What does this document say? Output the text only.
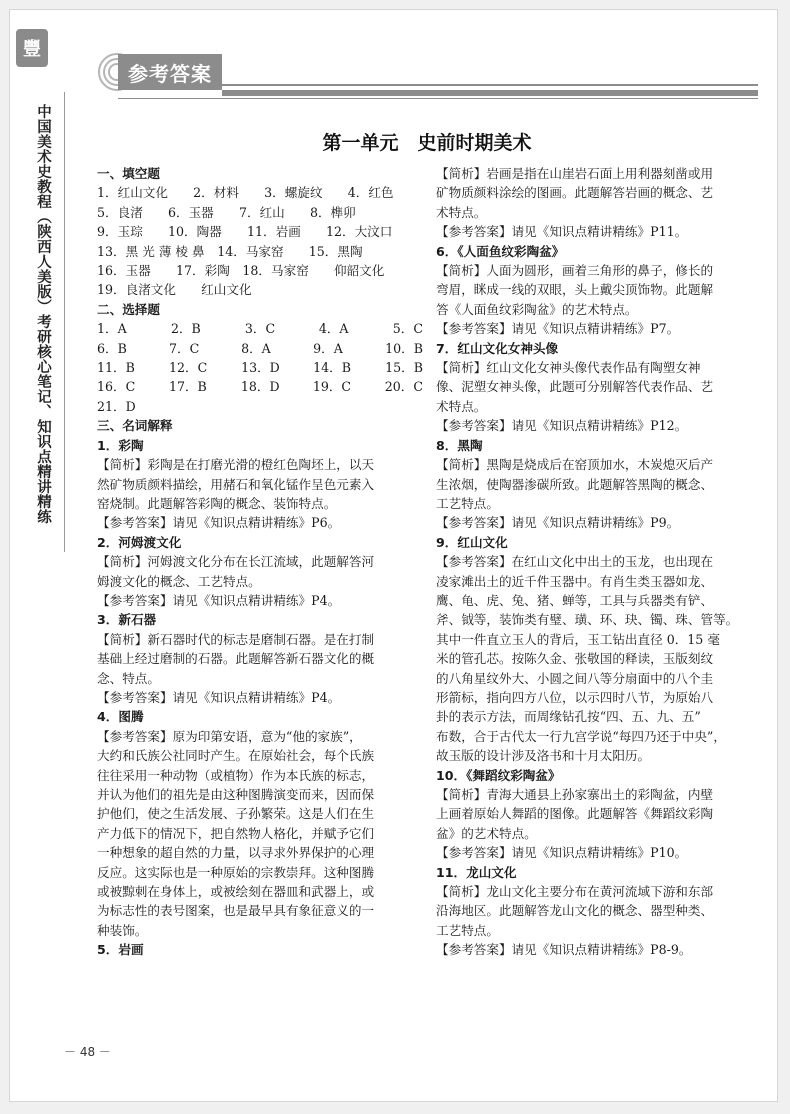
豐
中国美术史教程（陕西人美版）考研核心笔记、知识点精讲精练
参考答案
第一单元　史前时期美术
一、填空题
1．红山文化　　2．材料　　3．螺旋纹　　4．红色
5．良渚　　6．玉器　　7．红山　　8．榫卯
9．玉琮　　10．陶器　　11．岩画　　12．大汶口
13．黑 光 薄 棱 鼻　14．马家窑　　15．黑陶
16．玉器　　17．彩陶　18．马家窑　　仰韶文化
19．良渚文化　　红山文化
二、选择题
1．A	2．B	3．C	4．A	5．C
6．B	7．C	8．A	9．A	10．B
11．B	12．C	13．D	14．B	15．B
16．C	17．B	18．D	19．C	20．C
21．D
三、名词解释
1．彩陶
【简析】彩陶是在打磨光滑的橙红色陶坯上，以天
然矿物质颜料描绘，用赭石和氧化锰作呈色元素入
窑烧制。此题解答彩陶的概念、装饰特点。
【参考答案】请见《知识点精讲精练》P6。
2．河姆渡文化
【简析】河姆渡文化分布在长江流域，此题解答河
姆渡文化的概念、工艺特点。
【参考答案】请见《知识点精讲精练》P4。
3．新石器
【简析】新石器时代的标志是磨制石器。是在打制
基础上经过磨制的石器。此题解答新石器文化的概
念、特点。
【参考答案】请见《知识点精讲精练》P4。
4．图腾
【参考答案】原为印第安语，意为“他的家族”，
大约和氏族公社同时产生。在原始社会，每个氏族
往往采用一种动物（或植物）作为本氏族的标志，
并认为他们的祖先是由这种图腾演变而来，因而保
护他们，使之生活发展、子孙繁荣。这是人们在生
产力低下的情况下，把自然物人格化，并赋予它们
一种想象的超自然的力量，以寻求外界保护的心理
反应。这实际也是一种原始的宗教崇拜。这种图腾
或被黥刺在身体上，或被绘刻在器皿和武器上，或
为标志性的表号图案，也是最早具有象征意义的一
种装饰。
5．岩画
【简析】岩画是指在山崖岩石面上用利器刻凿或用
矿物质颜料涂绘的图画。此题解答岩画的概念、艺
术特点。
【参考答案】请见《知识点精讲精练》P11。
6．《人面鱼纹彩陶盆》
【简析】人面为圆形，画着三角形的鼻子，修长的
弯眉，眯成一线的双眼，头上戴尖顶饰物。此题解
答《人面鱼纹彩陶盆》的艺术特点。
【参考答案】请见《知识点精讲精练》P7。
7．红山文化女神头像
【简析】红山文化女神头像代表作品有陶塑女神
像、泥塑女神头像，此题可分别解答代表作品、艺
术特点。
【参考答案】请见《知识点精讲精练》P12。
8．黑陶
【简析】黑陶是烧成后在窑顶加水，木炭熄灭后产
生浓烟，使陶器渗碳所致。此题解答黑陶的概念、
工艺特点。
【参考答案】请见《知识点精讲精练》P9。
9．红山文化
【参考答案】在红山文化中出土的玉龙，也出现在
凌家滩出土的近千件玉器中。有肖生类玉器如龙、
鹰、龟、虎、兔、猪、蝉等，工具与兵器类有铲、
斧、钺等，装饰类有璧、璜、环、玦、镯、珠、管等。
其中一件直立玉人的背后，玉工钻出直径 0．15 毫
米的管孔芯。按陈久金、张敬国的释读，玉版刻纹
的八角星纹外大、小圆之间八等分扇面中的八个圭
形箭标，指向四方八位，以示四时八节，为原始八
卦的表示方法，而周缘钻孔按“四、五、九、五”
布数，合于古代太一行九宫学说“每四乃还于中央”，
故玉版的设计涉及洛书和十月太阳历。
10．《舞蹈纹彩陶盆》
【简析】青海大通县上孙家寨出土的彩陶盆，内壁
上画着原始人舞蹈的图像。此题解答《舞蹈纹彩陶
盆》的艺术特点。
【参考答案】请见《知识点精讲精练》P10。
11．龙山文化
【简析】龙山文化主要分布在黄河流域下游和东部
沿海地区。此题解答龙山文化的概念、器型种类、
工艺特点。
【参考答案】请见《知识点精讲精练》P8-9。
－ 48 －
